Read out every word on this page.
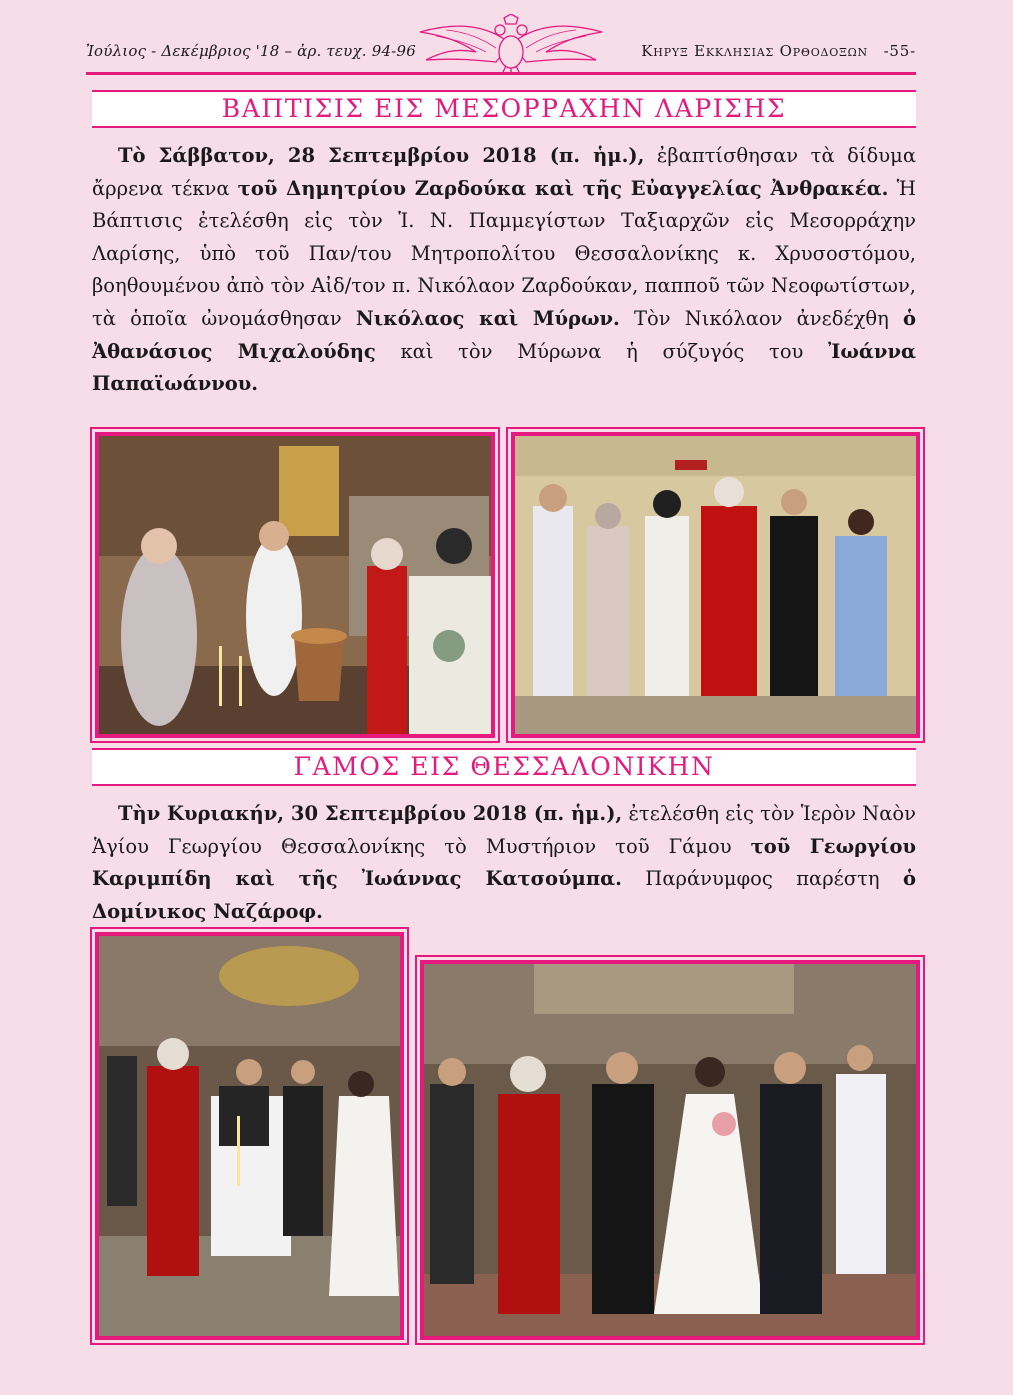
Ἰούλιος - Δεκέμβριος '18 – ἀρ. τευχ. 94-96	Κηρυξ Εκκλησιας Ορθοδοξων -55-
ΒΑΠΤΙΣΙΣ ΕΙΣ ΜΕΣΟΡΡΑΧΗΝ ΛΑΡΙΣΗΣ
Τὸ Σάββατον, 28 Σεπτεμβρίου 2018 (π. ἡμ.), ἐβαπτίσθησαν τὰ δίδυμα ἄρρενα τέκνα τοῦ Δημητρίου Ζαρδούκα καὶ τῆς Εὐαγγελίας Ἀνθρακέα. Ἡ Βάπτισις ἐτελέσθη εἰς τὸν Ἱ. Ν. Παμμεγίστων Ταξιαρχῶν εἰς Μεσορράχην Λαρίσης, ὑπὸ τοῦ Παν/του Μητροπολίτου Θεσσαλονίκης κ. Χρυσοστόμου, βοηθουμένου ἀπὸ τὸν Αἰδ/τον π. Νικόλαον Ζαρδούκαν, παπποῦ τῶν Νεοφωτίστων, τὰ ὁποῖα ὠνομάσθησαν Νικόλαος καὶ Μύρων. Τὸν Νικόλαον ἀνεδέχθη ὁ Ἀθανάσιος Μιχαλούδης καὶ τὸν Μύρωνα ἡ σύζυγός του Ἰωάννα Παπαϊωάννου.
ΓΑΜΟΣ ΕΙΣ ΘΕΣΣΑΛΟΝΙΚΗΝ
Τὴν Κυριακήν, 30 Σεπτεμβρίου 2018 (π. ἡμ.), ἐτελέσθη εἰς τὸν Ἱερὸν Ναὸν Ἁγίου Γεωργίου Θεσσαλονίκης τὸ Μυστήριον τοῦ Γάμου τοῦ Γεωργίου Καριμπίδη καὶ τῆς Ἰωάννας Κατσούμπα. Παράνυμφος παρέστη ὁ Δομίνικος Ναζάροφ.
